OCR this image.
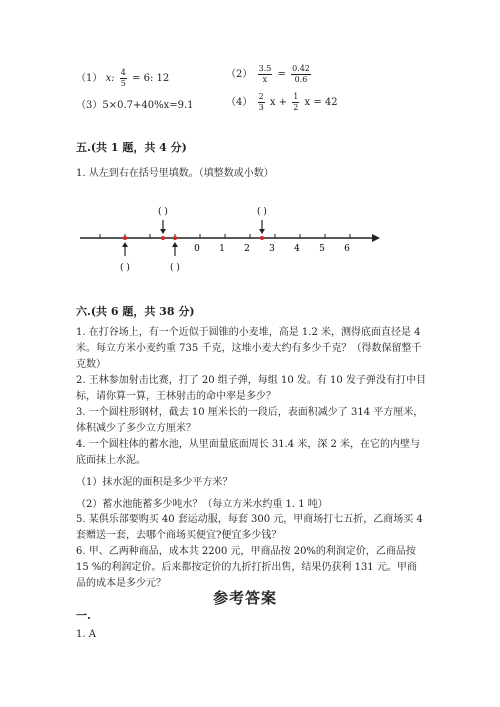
（1） x: $\frac{4}{5} = 6$: 12	$(2) \frac{3.5}{x} = \frac{0.42}{0.6}$
（3）5×0.7+40%x=9.1	$(4) \frac{2}{3}$ $x + \frac{1}{2}$ x = 42
五.(共 1 题，共 4 分)
1. 从左到右在括号里填数。（填整数或小数）
0 1 2 3 4 5 6
( )	( )
( )	( )
六.(共 6 题，共 38 分)
1. 在打谷场上，有一个近似于圆锥的小麦堆，高是 1.2 米，测得底面直径是 4 米。每立方米小麦约重 735 千克，这堆小麦大约有多少千克？（得数保留整千克数）
2. 王林参加射击比赛，打了 20 组子弹，每组 10 发。有 10 发子弹没有打中目标，请你算一算，王林射击的命中率是多少？
3. 一个圆柱形钢材，截去 10 厘米长的一段后，表面积减少了 314 平方厘米，体积减少了多少立方厘米？
4. 一个圆柱体的蓄水池，从里面量底面周长 31.4 米，深 2 米，在它的内壁与底面抹上水泥。
（1）抹水泥的面积是多少平方米？
（2）蓄水池能蓄多少吨水？（每立方米水约重 1. 1 吨）
5. 某俱乐部要购买 40 套运动服，每套 300 元，甲商场打七五折，乙商场买 4 套赠送一套，去哪个商场买便宜?便宜多少钱？
6. 甲、乙两种商品，成本共 2200 元，甲商品按 20%的利润定价，乙商品按 15 %的利润定价。后来都按定价的九折打折出售，结果仍获利 131 元。甲商品的成本是多少元？
参考答案
一.
1. A
